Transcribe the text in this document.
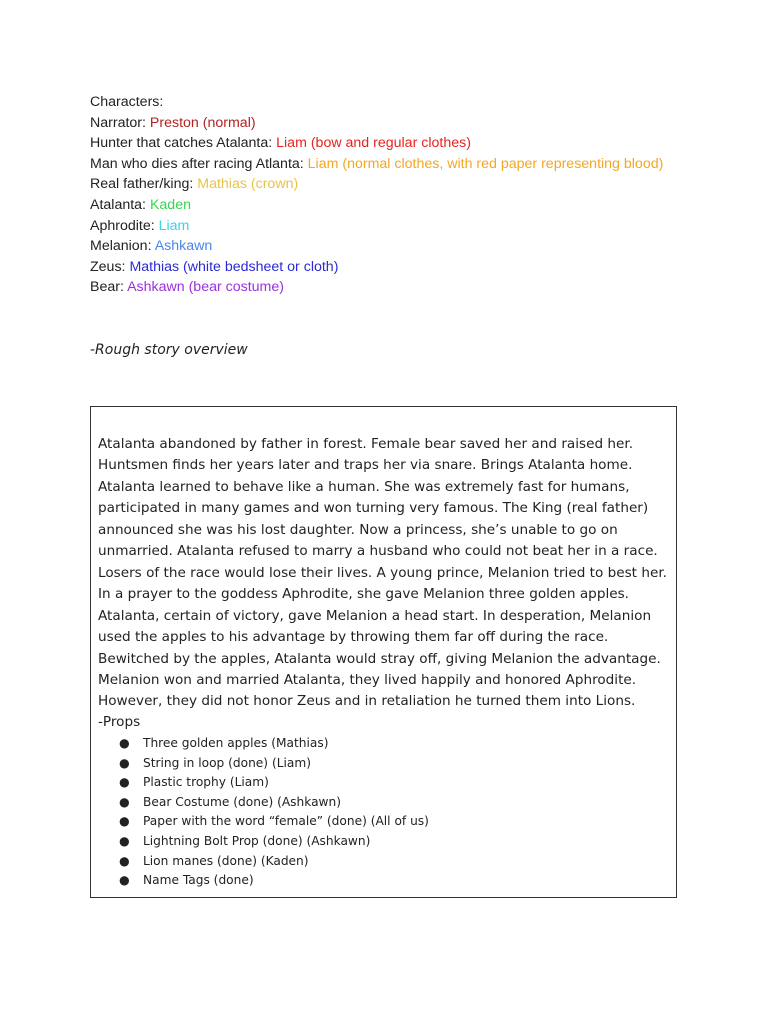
Characters:

Narrator: Preston (normal)

Hunter that catches Atalanta: Liam (bow and regular clothes)

Man who dies after racing Atlanta: Liam (normal clothes, with red paper representing blood)

Real father/king: Mathias (crown)

Atalanta: Kaden

Aphrodite: Liam

Melanion: Ashkawn

Zeus: Mathias (white bedsheet or cloth)

Bear: Ashkawn (bear costume)

-Rough story overview

Atalanta abandoned by father in forest. Female bear saved her and raised her. Huntsmen finds her years later and traps her via snare. Brings Atalanta home. Atalanta learned to behave like a human. She was extremely fast for humans, participated in many games and won turning very famous. The King (real father) announced she was his lost daughter. Now a princess, she’s unable to go on unmarried. Atalanta refused to marry a husband who could not beat her in a race. Losers of the race would lose their lives. A young prince, Melanion tried to best her. In a prayer to the goddess Aphrodite, she gave Melanion three golden apples. Atalanta, certain of victory, gave Melanion a head start. In desperation, Melanion used the apples to his advantage by throwing them far off during the race. Bewitched by the apples, Atalanta would stray off, giving Melanion the advantage. Melanion won and married Atalanta, they lived happily and honored Aphrodite. However, they did not honor Zeus and in retaliation he turned them into Lions.

-Props
● Three golden apples (Mathias)
● String in loop (done) (Liam)
● Plastic trophy (Liam)
● Bear Costume (done) (Ashkawn)
● Paper with the word “female” (done) (All of us)
● Lightning Bolt Prop (done) (Ashkawn)
● Lion manes (done) (Kaden)
● Name Tags (done)
